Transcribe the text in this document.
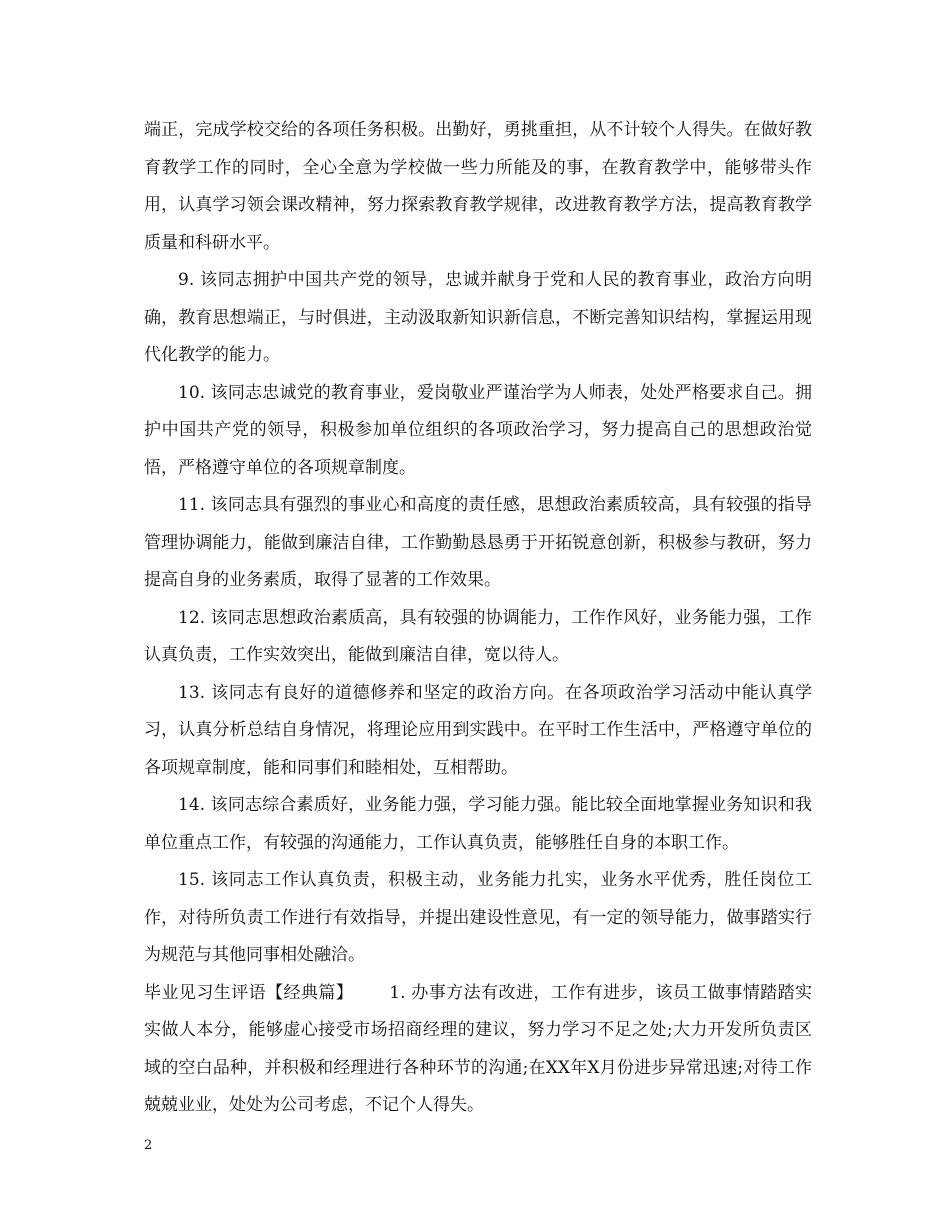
端正，完成学校交给的各项任务积极。出勤好，勇挑重担，从不计较个人得失。在做好教育教学工作的同时，全心全意为学校做一些力所能及的事，在教育教学中，能够带头作用，认真学习领会课改精神，努力探索教育教学规律，改进教育教学方法，提高教育教学质量和科研水平。

9. 该同志拥护中国共产党的领导，忠诚并献身于党和人民的教育事业，政治方向明确，教育思想端正，与时俱进，主动汲取新知识新信息，不断完善知识结构，掌握运用现代化教学的能力。

10. 该同志忠诚党的教育事业，爱岗敬业严谨治学为人师表，处处严格要求自己。拥护中国共产党的领导，积极参加单位组织的各项政治学习，努力提高自己的思想政治觉悟，严格遵守单位的各项规章制度。

11. 该同志具有强烈的事业心和高度的责任感，思想政治素质较高，具有较强的指导管理协调能力，能做到廉洁自律，工作勤勤恳恳勇于开拓锐意创新，积极参与教研，努力提高自身的业务素质，取得了显著的工作效果。

12. 该同志思想政治素质高，具有较强的协调能力，工作作风好，业务能力强，工作认真负责，工作实效突出，能做到廉洁自律，宽以待人。

13. 该同志有良好的道德修养和坚定的政治方向。在各项政治学习活动中能认真学习，认真分析总结自身情况，将理论应用到实践中。在平时工作生活中，严格遵守单位的各项规章制度，能和同事们和睦相处，互相帮助。

14. 该同志综合素质好，业务能力强，学习能力强。能比较全面地掌握业务知识和我单位重点工作，有较强的沟通能力，工作认真负责，能够胜任自身的本职工作。

15. 该同志工作认真负责，积极主动，业务能力扎实，业务水平优秀，胜任岗位工作，对待所负责工作进行有效指导，并提出建设性意见，有一定的领导能力，做事踏实行为规范与其他同事相处融洽。

毕业见习生评语【经典篇】 1. 办事方法有改进，工作有进步，该员工做事情踏踏实实做人本分，能够虚心接受市场招商经理的建议，努力学习不足之处;大力开发所负责区域的空白品种，并积极和经理进行各种环节的沟通;在XX年X月份进步异常迅速;对待工作兢兢业业，处处为公司考虑，不记个人得失。

2
